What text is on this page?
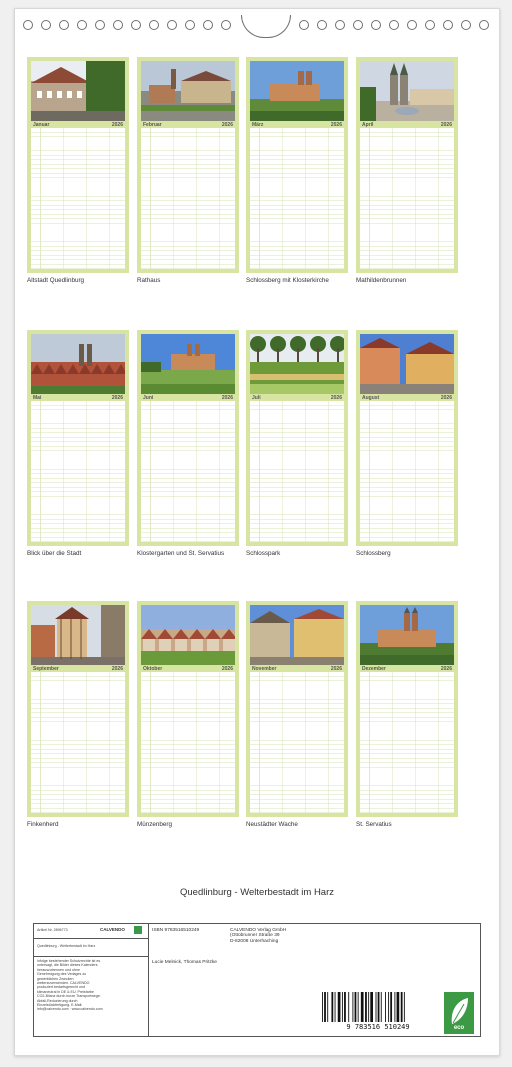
Januar	2026
Altstadt Quedlinburg
Februar	2026
Rathaus
März	2026
Schlossberg mit Klosterkirche
April	2026
Mathildenbrunnen
Mai	2026
Blick über die Stadt
Juni	2026
Klostergarten und St. Servatius
Juli	2026
Schlosspark
August	2026
Schlossberg
September	2026
Finkenherd
Oktober	2026
Münzenberg
November	2026
Neustädter Wache
Dezember	2026
St. Servatius
Quedlinburg - Welterbestadt im Harz
Artikel Nr. 2896773	CALVENDO
Quedlinburg - Welterbestadt im Harz
Infolge bestehender Schutzrechte ist es untersagt, die Bilder dieses Kalenders herauszutrennen und ohne Genehmigung des Verlages zu gewerblichen Zwecken weiterzuverwenden. CALVENDO produziert bedarfsgerecht und klimaneutral in DE & EU. Preisfarbe CO2-Bilanz durch kurze Transportwege. Abfall-Reduzierung durch Einzelstückfertigung. E-Mail: info@calvendo.com · www.calvendo.com
ISBN 9783516510249	CALVENDO Verlag GmbH
(Ottobrunner Straße 39
D-82008 Unterhaching
Lucie Melnick, Thomas Pritzke
9 783516 510249	eco
